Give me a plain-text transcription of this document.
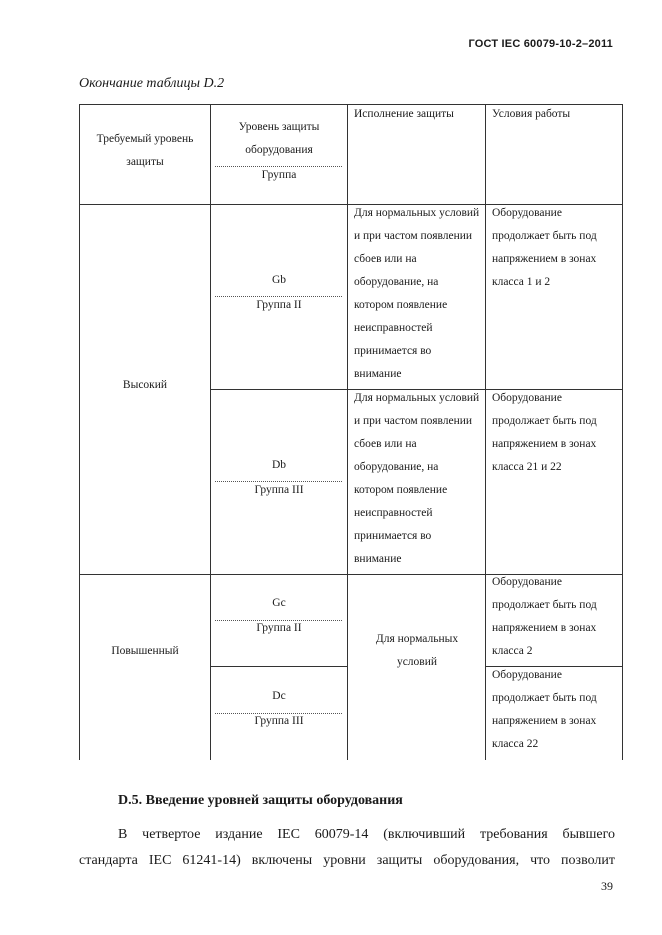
ГОСТ IEC 60079-10-2–2011
Окончание таблицы D.2
Требуемый уровень защиты
Уровень защиты оборудования
Группа
Исполнение защиты	Условия работы
Высокий
Gb
Группа II
Для нормальных условий и при частом появлении сбоев или на оборудование, на котором появление неисправностей принимается во внимание
Оборудование продолжает быть под напряжением в зонах класса 1 и 2
Db
Группа III
Для нормальных условий и при частом появлении сбоев или на оборудование, на котором появление неисправностей принимается во внимание
Оборудование продолжает быть под напряжением в зонах класса 21 и 22
Повышенный
Gc
Группа II
Для нормальных условий
Оборудование продолжает быть под напряжением в зонах класса 2
Dc
Группа III
Оборудование продолжает быть под напряжением в зонах класса 22
D.5. Введение уровней защиты оборудования
В четвертое издание IEC 60079-14 (включивший требования бывшего
стандарта IEC 61241-14) включены уровни защиты оборудования, что позволит
39
